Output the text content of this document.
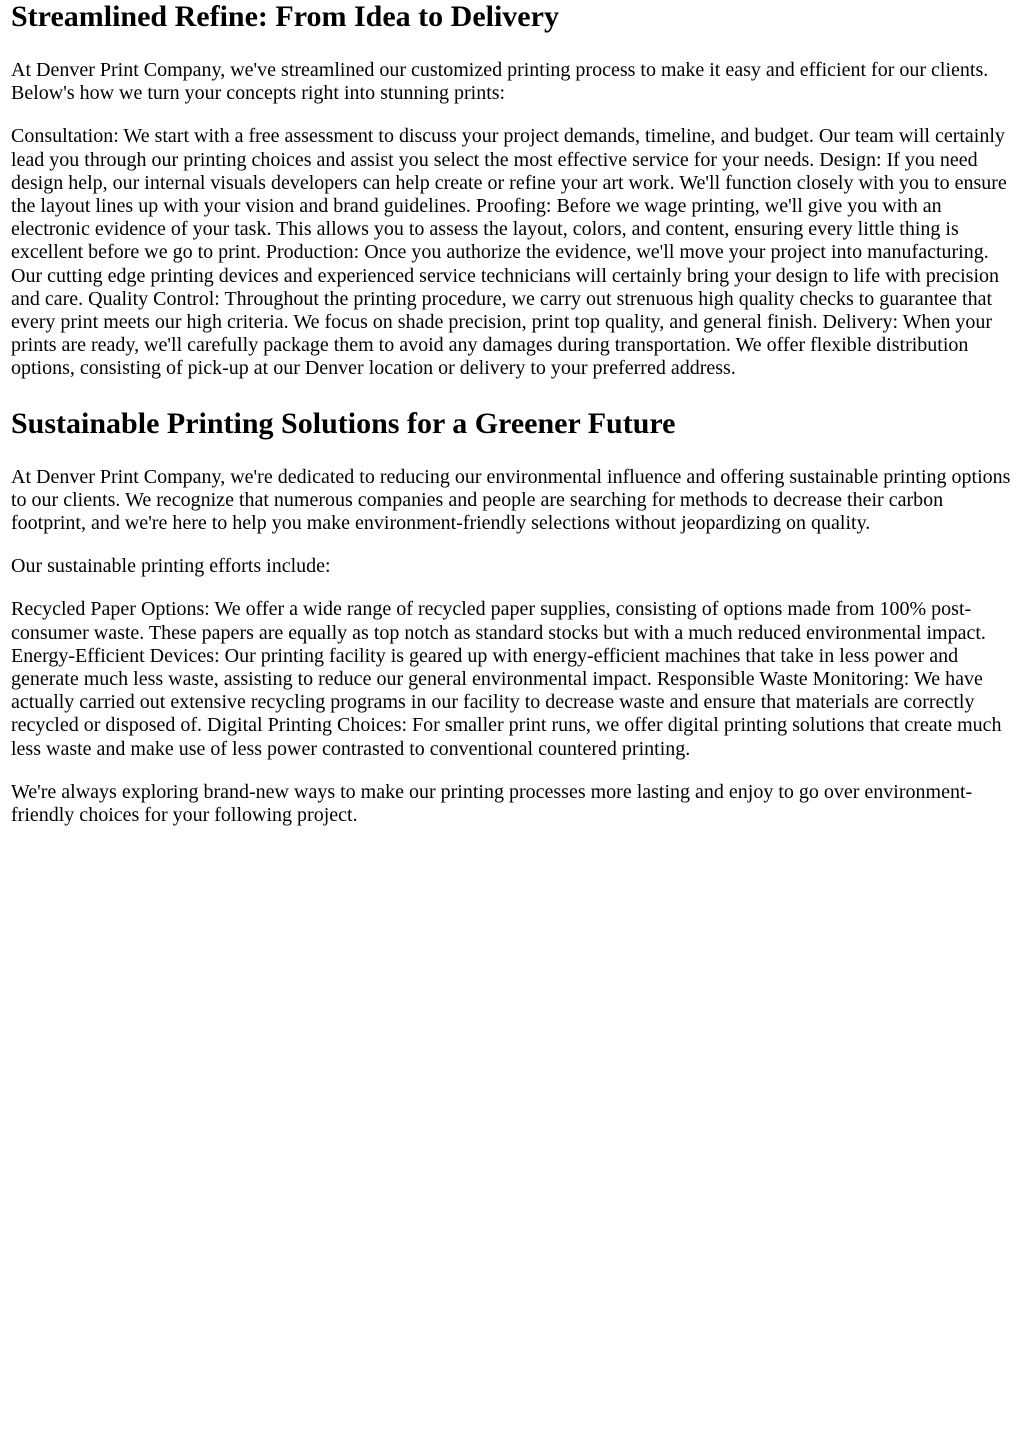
Streamlined Refine: From Idea to Delivery

At Denver Print Company, we've streamlined our customized printing process to make it easy and efficient for our clients. Below's how we turn your concepts right into stunning prints:

Consultation: We start with a free assessment to discuss your project demands, timeline, and budget. Our team will certainly lead you through our printing choices and assist you select the most effective service for your needs. Design: If you need design help, our internal visuals developers can help create or refine your art work. We'll function closely with you to ensure the layout lines up with your vision and brand guidelines. Proofing: Before we wage printing, we'll give you with an electronic evidence of your task. This allows you to assess the layout, colors, and content, ensuring every little thing is excellent before we go to print. Production: Once you authorize the evidence, we'll move your project into manufacturing. Our cutting edge printing devices and experienced service technicians will certainly bring your design to life with precision and care. Quality Control: Throughout the printing procedure, we carry out strenuous high quality checks to guarantee that every print meets our high criteria. We focus on shade precision, print top quality, and general finish. Delivery: When your prints are ready, we'll carefully package them to avoid any damages during transportation. We offer flexible distribution options, consisting of pick-up at our Denver location or delivery to your preferred address.

Sustainable Printing Solutions for a Greener Future

At Denver Print Company, we're dedicated to reducing our environmental influence and offering sustainable printing options to our clients. We recognize that numerous companies and people are searching for methods to decrease their carbon footprint, and we're here to help you make environment-friendly selections without jeopardizing on quality.

Our sustainable printing efforts include:

Recycled Paper Options: We offer a wide range of recycled paper supplies, consisting of options made from 100% post-consumer waste. These papers are equally as top notch as standard stocks but with a much reduced environmental impact. Energy-Efficient Devices: Our printing facility is geared up with energy-efficient machines that take in less power and generate much less waste, assisting to reduce our general environmental impact. Responsible Waste Monitoring: We have actually carried out extensive recycling programs in our facility to decrease waste and ensure that materials are correctly recycled or disposed of. Digital Printing Choices: For smaller print runs, we offer digital printing solutions that create much less waste and make use of less power contrasted to conventional countered printing.

We're always exploring brand-new ways to make our printing processes more lasting and enjoy to go over environment-friendly choices for your following project.
